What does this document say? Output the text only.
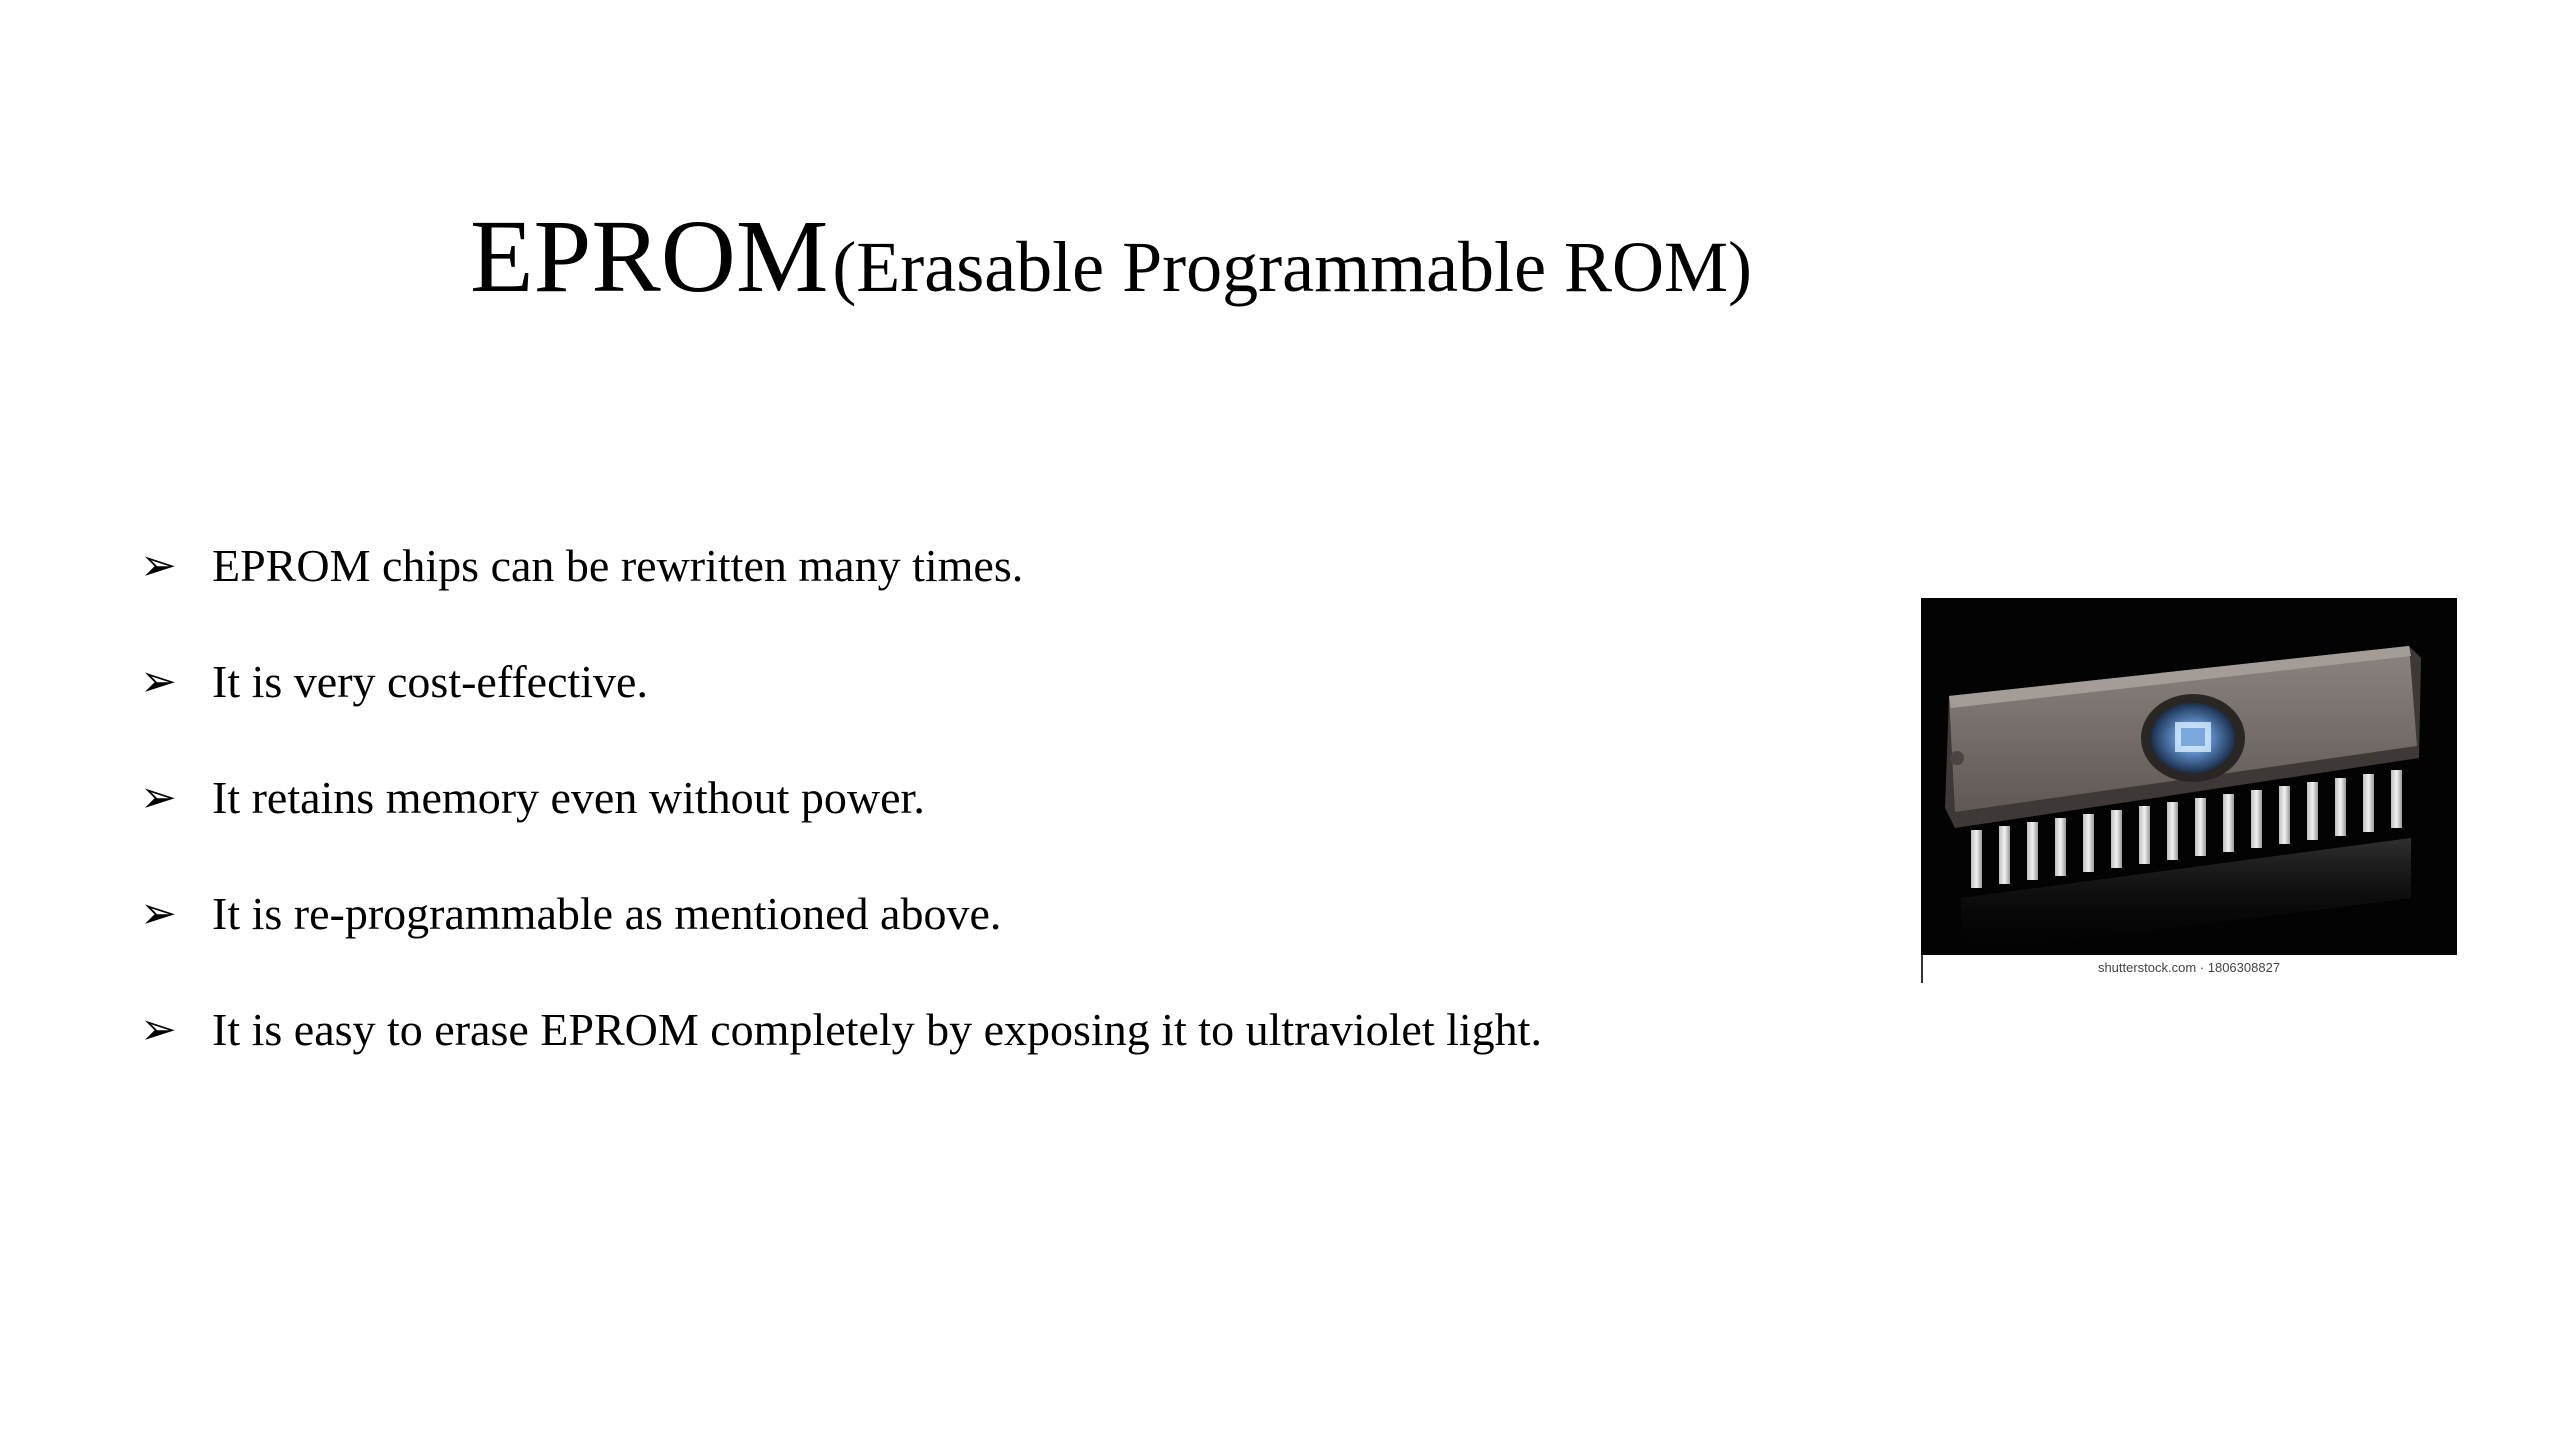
EPROM (Erasable Programmable ROM)
➢ EPROM chips can be rewritten many times.
➢ It is very cost-effective.
➢ It retains memory even without power.
➢ It is re-programmable as mentioned above.
➢ It is easy to erase EPROM completely by exposing it to ultraviolet light.
shutterstock.com · 1806308827
